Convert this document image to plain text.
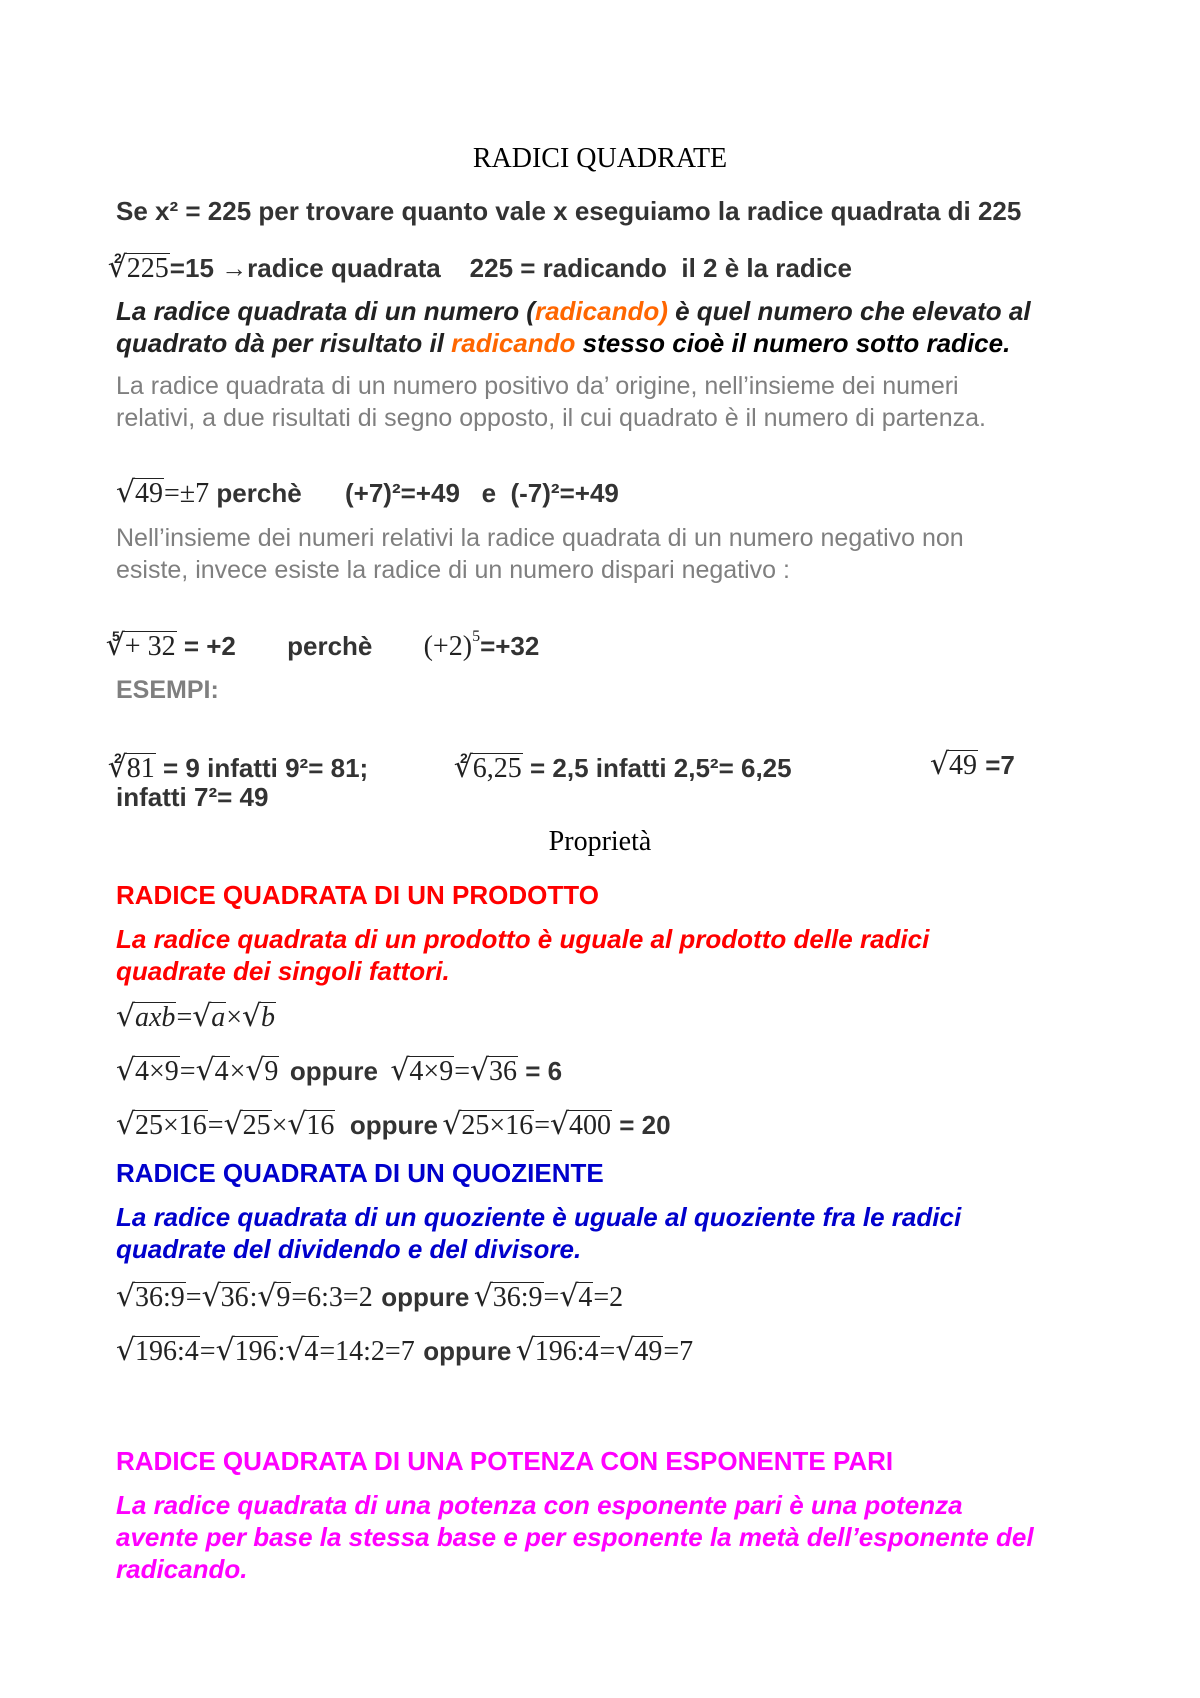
RADICI QUADRATE
Se x² = 225 per trovare quanto vale x eseguiamo la radice quadrata di 225
$^2$ √ 225=15 →radice quadrata    225 = radicando  il 2 è la radice
La radice quadrata di un numero (radicando) è quel numero che elevato al
quadrato dà per risultato il radicando stesso cioè il numero sotto radice.
La radice quadrata di un numero positivo da’ origine, nell’insieme dei numeri
relativi, a due risultati di segno opposto, il cui quadrato è il numero di partenza.
√ 49=±7 perchè      (+7)²=+49   e  (-7)²=+49
Nell’insieme dei numeri relativi la radice quadrata di un numero negativo non
esiste, invece esiste la radice di un numero dispari negativo :
$^5$ √ + 32 = +2 perchè $(+2)^5=+32$
ESEMPI:
$^2$ √ 81 = 9 infatti 9²= 81;	$^2$ √ 6,25 = 2,5 infatti 2,5²= 6,25	√ 49 =7
infatti 7²= 49
Proprietà
RADICE QUADRATA DI UN PRODOTTO
La radice quadrata di un prodotto è uguale al prodotto delle radici
quadrate dei singoli fattori.
√ axb= √ a× √ b
√ 4×9= √ 4× √ 9 oppure √ 4×9= √ 36 = 6
√ 25×16= √ 25× √ 16 oppure √ 25×16= √ 400 = 20
RADICE QUADRATA DI UN QUOZIENTE
La radice quadrata di un quoziente è uguale al quoziente fra le radici
quadrate del dividendo e del divisore.
√ 36:9= √ 36: √ 9=6:3=2 oppure √ 36:9= √ 4=2
√ 196:4= √ 196: √ 4=14:2=7 oppure √ 196:4= √ 49=7
RADICE QUADRATA DI UNA POTENZA CON ESPONENTE PARI
La radice quadrata di una potenza con esponente pari è una potenza
avente per base la stessa base e per esponente la metà dell’esponente del
radicando.
